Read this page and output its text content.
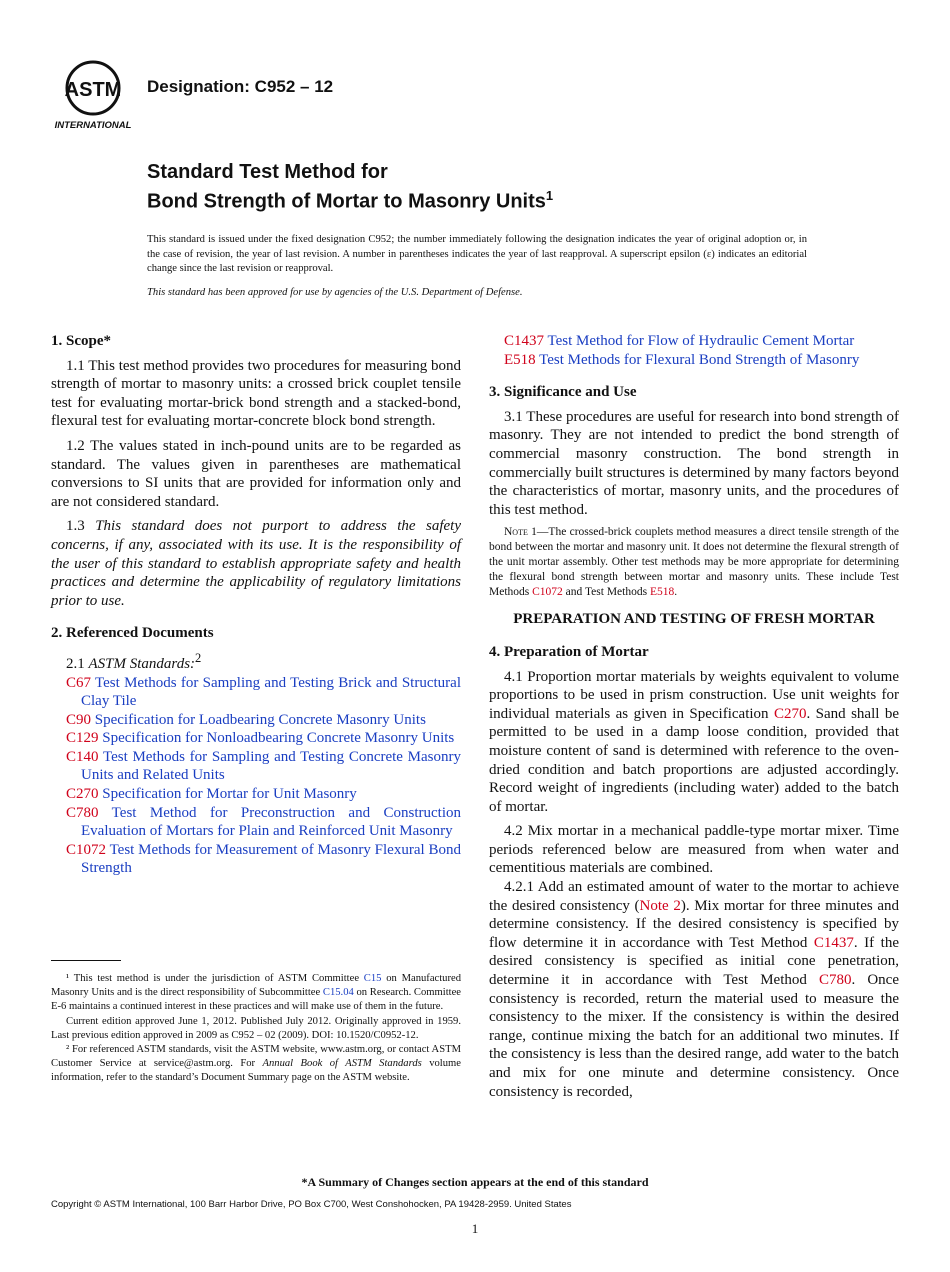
ASTM
INTERNATIONAL
Designation: C952 – 12
Standard Test Method for
Bond Strength of Mortar to Masonry Units$^1$
This standard is issued under the fixed designation C952; the number immediately following the designation indicates the year of original adoption or, in the case of revision, the year of last revision. A number in parentheses indicates the year of last reapproval. A superscript epsilon (ε) indicates an editorial change since the last revision or reapproval.
This standard has been approved for use by agencies of the U.S. Department of Defense.
1. Scope*

1.1 This test method provides two procedures for measuring bond strength of mortar to masonry units: a crossed brick couplet tensile test for evaluating mortar-brick bond strength and a stacked-bond, flexural test for evaluating mortar-concrete block bond strength.

1.2 The values stated in inch-pound units are to be regarded as standard. The values given in parentheses are mathematical conversions to SI units that are provided for information only and are not considered standard.

1.3 This standard does not purport to address the safety concerns, if any, associated with its use. It is the responsibility of the user of this standard to establish appropriate safety and health practices and determine the applicability of regulatory limitations prior to use.

2. Referenced Documents

2.1 ASTM Standards:$^2$

C67 Test Methods for Sampling and Testing Brick and Structural Clay Tile
C90 Specification for Loadbearing Concrete Masonry Units
C129 Specification for Nonloadbearing Concrete Masonry Units
C140 Test Methods for Sampling and Testing Concrete Masonry Units and Related Units
C270 Specification for Mortar for Unit Masonry
C780 Test Method for Preconstruction and Construction Evaluation of Mortars for Plain and Reinforced Unit Masonry
C1072 Test Methods for Measurement of Masonry Flexural Bond Strength

¹ This test method is under the jurisdiction of ASTM Committee C15 on Manufactured Masonry Units and is the direct responsibility of Subcommittee C15.04 on Research. Committee E-6 maintains a continued interest in these practices and will make use of them in the future.

Current edition approved June 1, 2012. Published July 2012. Originally approved in 1959. Last previous edition approved in 2009 as C952 – 02 (2009). DOI: 10.1520/C0952-12.

² For referenced ASTM standards, visit the ASTM website, www.astm.org, or contact ASTM Customer Service at service@astm.org. For Annual Book of ASTM Standards volume information, refer to the standard’s Document Summary page on the ASTM website.

C1437 Test Method for Flow of Hydraulic Cement Mortar
E518 Test Methods for Flexural Bond Strength of Masonry
3. Significance and Use

3.1 These procedures are useful for research into bond strength of masonry. They are not intended to predict the bond strength of commercial masonry construction. The bond strength in commercially built structures is determined by many factors beyond the characteristics of mortar, masonry units, and the procedures of this test method.

Note 1—The crossed-brick couplets method measures a direct tensile strength of the bond between the mortar and masonry unit. It does not determine the flexural strength of the unit mortar assembly. Other test methods may be more appropriate for determining the flexural bond strength between mortar and masonry units. These include Test Methods C1072 and Test Methods E518.
PREPARATION AND TESTING OF FRESH MORTAR
4. Preparation of Mortar

4.1 Proportion mortar materials by weights equivalent to volume proportions to be used in prism construction. Use unit weights for individual materials as given in Specification C270. Sand shall be permitted to be used in a damp loose condition, provided that moisture content of sand is determined with reference to the oven-dried condition and batch proportions are adjusted accordingly. Record weight of ingredients (including water) added to the batch of mortar.

4.2 Mix mortar in a mechanical paddle-type mortar mixer. Time periods referenced below are measured from when water and cementitious materials are combined.

4.2.1 Add an estimated amount of water to the mortar to achieve the desired consistency (Note 2). Mix mortar for three minutes and determine consistency. If the desired consistency is specified by flow determine it in accordance with Test Method C1437. If the desired consistency is specified as initial cone penetration, determine it in accordance with Test Method C780. Once consistency is recorded, return the material used to measure the consistency to the mixer. If the consistency is within the desired range, continue mixing the batch for an additional two minutes. If the consistency is less than the desired range, add water to the batch and mix for one minute and determine consistency. Once consistency is recorded,

*A Summary of Changes section appears at the end of this standard
Copyright © ASTM International, 100 Barr Harbor Drive, PO Box C700, West Conshohocken, PA 19428-2959. United States
1
